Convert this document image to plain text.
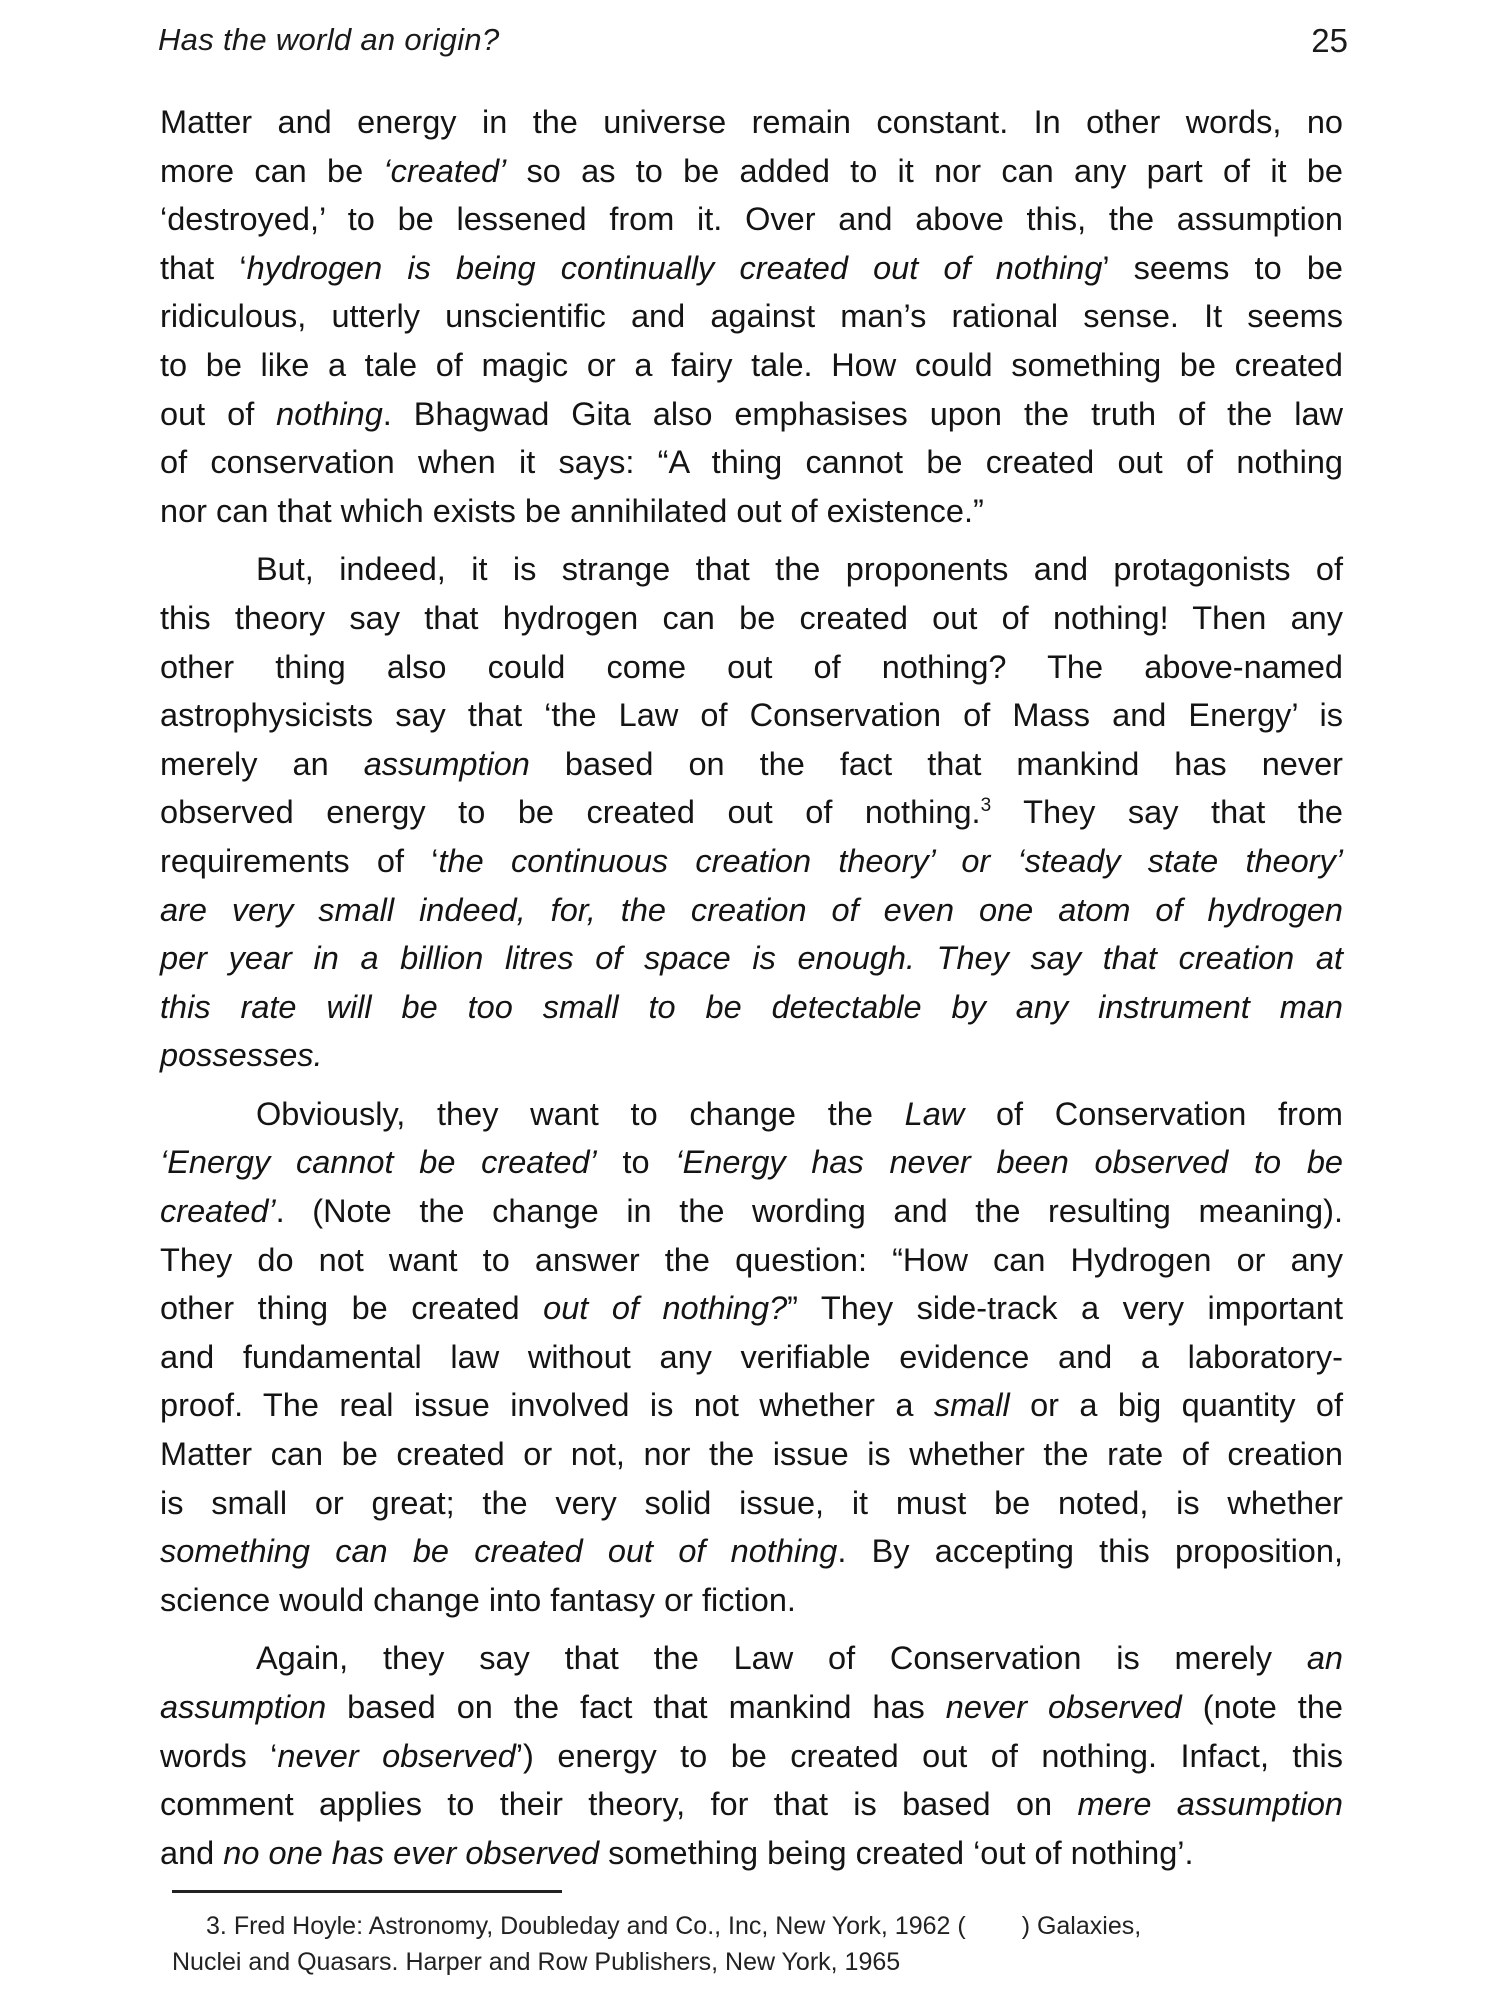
Has the world an origin?	25
Matter and energy in the universe remain constant. In other words, no
more can be ‘created’ so as to be added to it nor can any part of it be
‘destroyed,’ to be lessened from it. Over and above this, the assumption
that ‘hydrogen is being continually created out of nothing’ seems to be
ridiculous, utterly unscientific and against man’s rational sense. It seems
to be like a tale of magic or a fairy tale. How could something be created
out of nothing. Bhagwad Gita also emphasises upon the truth of the law
of conservation when it says: “A thing cannot be created out of nothing
nor can that which exists be annihilated out of existence.”
But, indeed, it is strange that the proponents and protagonists of
this theory say that hydrogen can be created out of nothing! Then any
other thing also could come out of nothing? The above-named
astrophysicists say that ‘the Law of Conservation of Mass and Energy’ is
merely an assumption based on the fact that mankind has never
observed energy to be created out of nothing.$^3$ They say that the
requirements of ‘the continuous creation theory’ or ‘steady state theory’
are very small indeed, for, the creation of even one atom of hydrogen
per year in a billion litres of space is enough. They say that creation at
this rate will be too small to be detectable by any instrument man
possesses.
Obviously, they want to change the Law of Conservation from
‘Energy cannot be created’ to ‘Energy has never been observed to be
created’. (Note the change in the wording and the resulting meaning).
They do not want to answer the question: “How can Hydrogen or any
other thing be created out of nothing?” They side-track a very important
and fundamental law without any verifiable evidence and a laboratory-
proof. The real issue involved is not whether a small or a big quantity of
Matter can be created or not, nor the issue is whether the rate of creation
is small or great; the very solid issue, it must be noted, is whether
something can be created out of nothing. By accepting this proposition,
science would change into fantasy or fiction.
Again, they say that the Law of Conservation is merely an
assumption based on the fact that mankind has never observed (note the
words ‘never observed’) energy to be created out of nothing. Infact, this
comment applies to their theory, for that is based on mere assumption
and no one has ever observed something being created ‘out of nothing’.
3. Fred Hoyle: Astronomy, Doubleday and Co., Inc, New York, 1962 ( ) Galaxies,
Nuclei and Quasars. Harper and Row Publishers, New York, 1965
